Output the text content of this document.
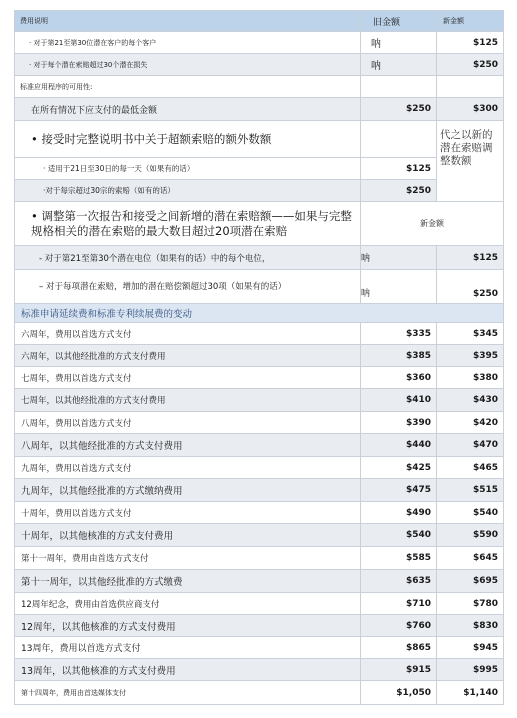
费用说明	旧金额	新金额
· 对于第21至第30位潜在客户的每个客户	呐	$125
· 对于每个潜在索赔超过30个潜在损失	呐	$250
标准应用程序的可用性:		
在所有情况下应支付的最低金额	$250	$300
• 接受时完整说明书中关于超额索赔的额外数额		代之以新的潜在索赔调整数额
· 适用于21日至30日的每一天（如果有的话）	$125	
·对于每宗超过30宗的索赔（如有的话）	$250	
• 调整第一次报告和接受之间新增的潜在索赔额——如果与完整规格相关的潜在索赔的最大数目超过20项潜在索赔	新金额	
- 对于第21至第30个潜在电位（如果有的话）中的每个电位，	呐	$125
– 对于每项潜在索赔，增加的潜在赔偿额超过30项（如果有的话）	呐	$250
标准申请延续费和标准专利续展费的变动		
六周年，费用以首选方式支付	$335	$345
六周年，以其他经批准的方式支付费用	$385	$395
七周年，费用以首选方式支付	$360	$380
七周年，以其他经批准的方式支付费用	$410	$430
八周年，费用以首选方式支付	$390	$420
八周年，以其他经批准的方式支付费用	$440	$470
九周年，费用以首选方式支付	$425	$465
九周年，以其他经批准的方式缴纳费用	$475	$515
十周年，费用以首选方式支付	$490	$540
十周年，以其他核准的方式支付费用	$540	$590
第十一周年，费用由首选方式支付	$585	$645
第十一周年，以其他经批准的方式缴费	$635	$695
12周年纪念，费用由首选供应商支付	$710	$780
12周年，以其他核准的方式支付费用	$760	$830
13周年，费用以首选方式支付	$865	$945
13周年，以其他核准的方式支付费用	$915	$995
第十四周年，费用由首选媒体支付	$1,050	$1,140
